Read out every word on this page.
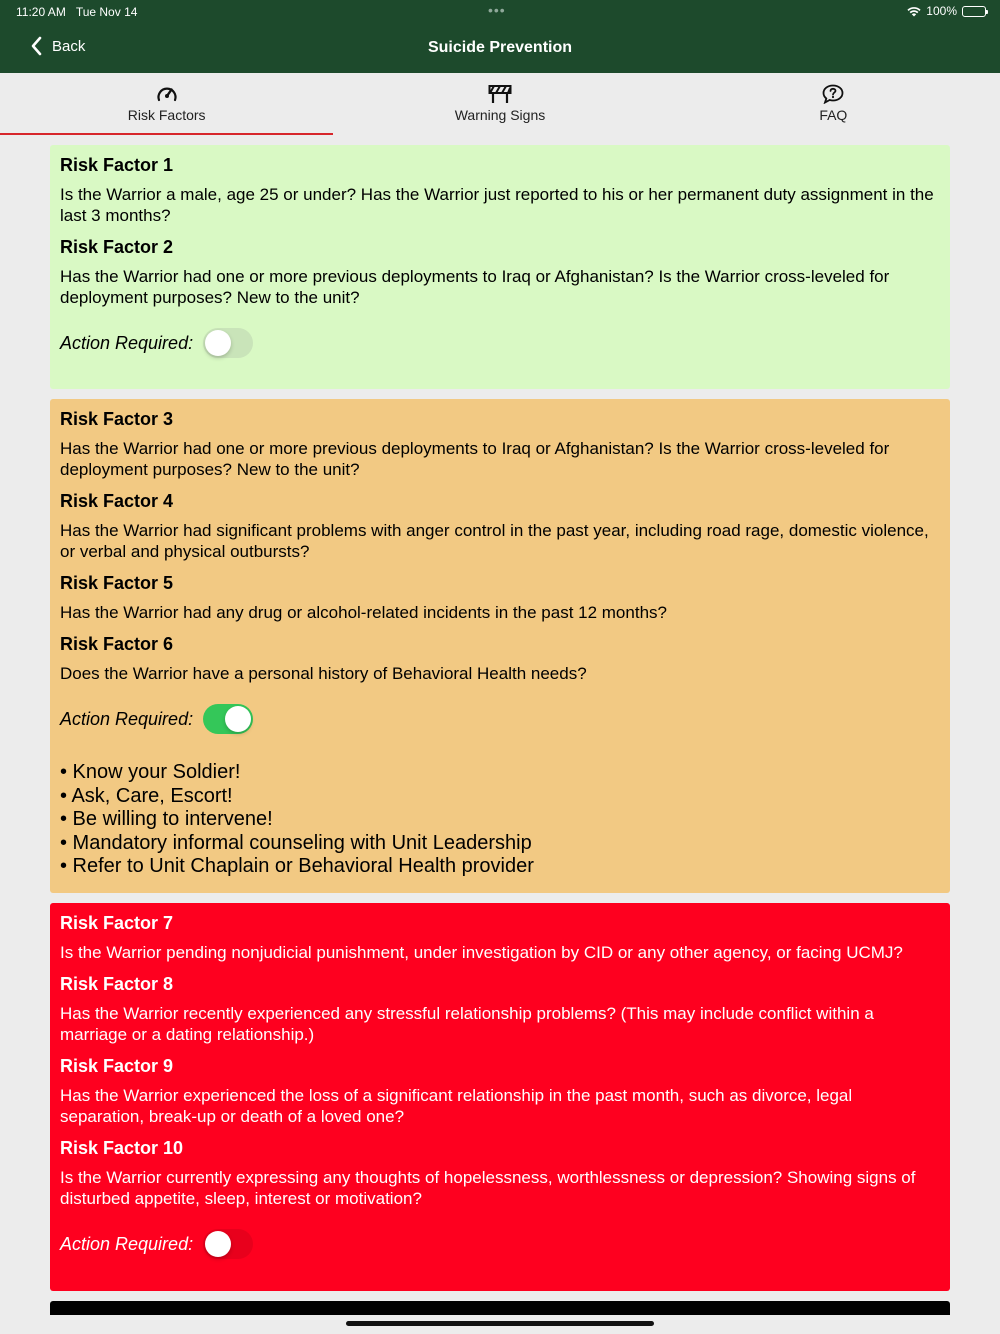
11:20 AM Tue Nov 14	•••	100%
Back	Suicide Prevention
Risk Factors	Warning Signs	FAQ
Risk Factor 1
Is the Warrior a male, age 25 or under? Has the Warrior just reported to his or her permanent duty assignment in the last 3 months?
Risk Factor 2
Has the Warrior had one or more previous deployments to Iraq or Afghanistan? Is the Warrior cross-leveled for deployment purposes? New to the unit?
Action Required:
Risk Factor 3
Has the Warrior had one or more previous deployments to Iraq or Afghanistan? Is the Warrior cross-leveled for deployment purposes? New to the unit?
Risk Factor 4
Has the Warrior had significant problems with anger control in the past year, including road rage, domestic violence, or verbal and physical outbursts?
Risk Factor 5
Has the Warrior had any drug or alcohol-related incidents in the past 12 months?
Risk Factor 6
Does the Warrior have a personal history of Behavioral Health needs?
Action Required:
• Know your Soldier!
• Ask, Care, Escort!
• Be willing to intervene!
• Mandatory informal counseling with Unit Leadership
• Refer to Unit Chaplain or Behavioral Health provider
Risk Factor 7
Is the Warrior pending nonjudicial punishment, under investigation by CID or any other agency, or facing UCMJ?
Risk Factor 8
Has the Warrior recently experienced any stressful relationship problems? (This may include conflict within a marriage or a dating relationship.)
Risk Factor 9
Has the Warrior experienced the loss of a significant relationship in the past month, such as divorce, legal separation, break-up or death of a loved one?
Risk Factor 10
Is the Warrior currently expressing any thoughts of hopelessness, worthlessness or depression? Showing signs of disturbed appetite, sleep, interest or motivation?
Action Required:
